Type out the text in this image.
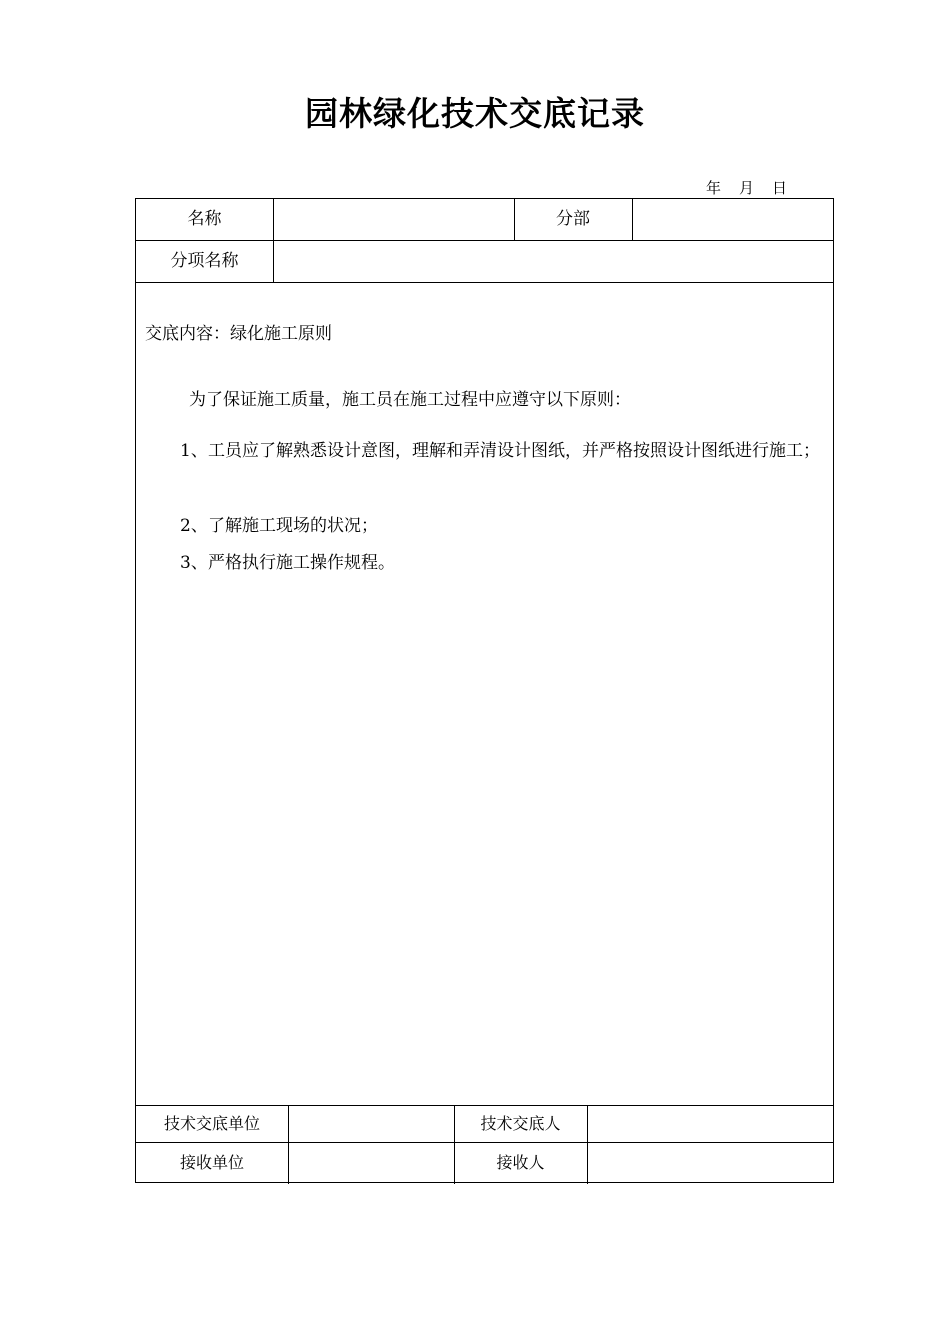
园林绿化技术交底记录
年 月 日
名称	分部
分项名称
交底内容：绿化施工原则
为了保证施工质量，施工员在施工过程中应遵守以下原则：
1、 工员应了解熟悉设计意图，理解和弄清设计图纸，并严格按照设计图纸进行施工；
2、 了解施工现场的状况；
3、 严格执行施工操作规程。
技术交底单位	技术交底人
接收单位	接收人
